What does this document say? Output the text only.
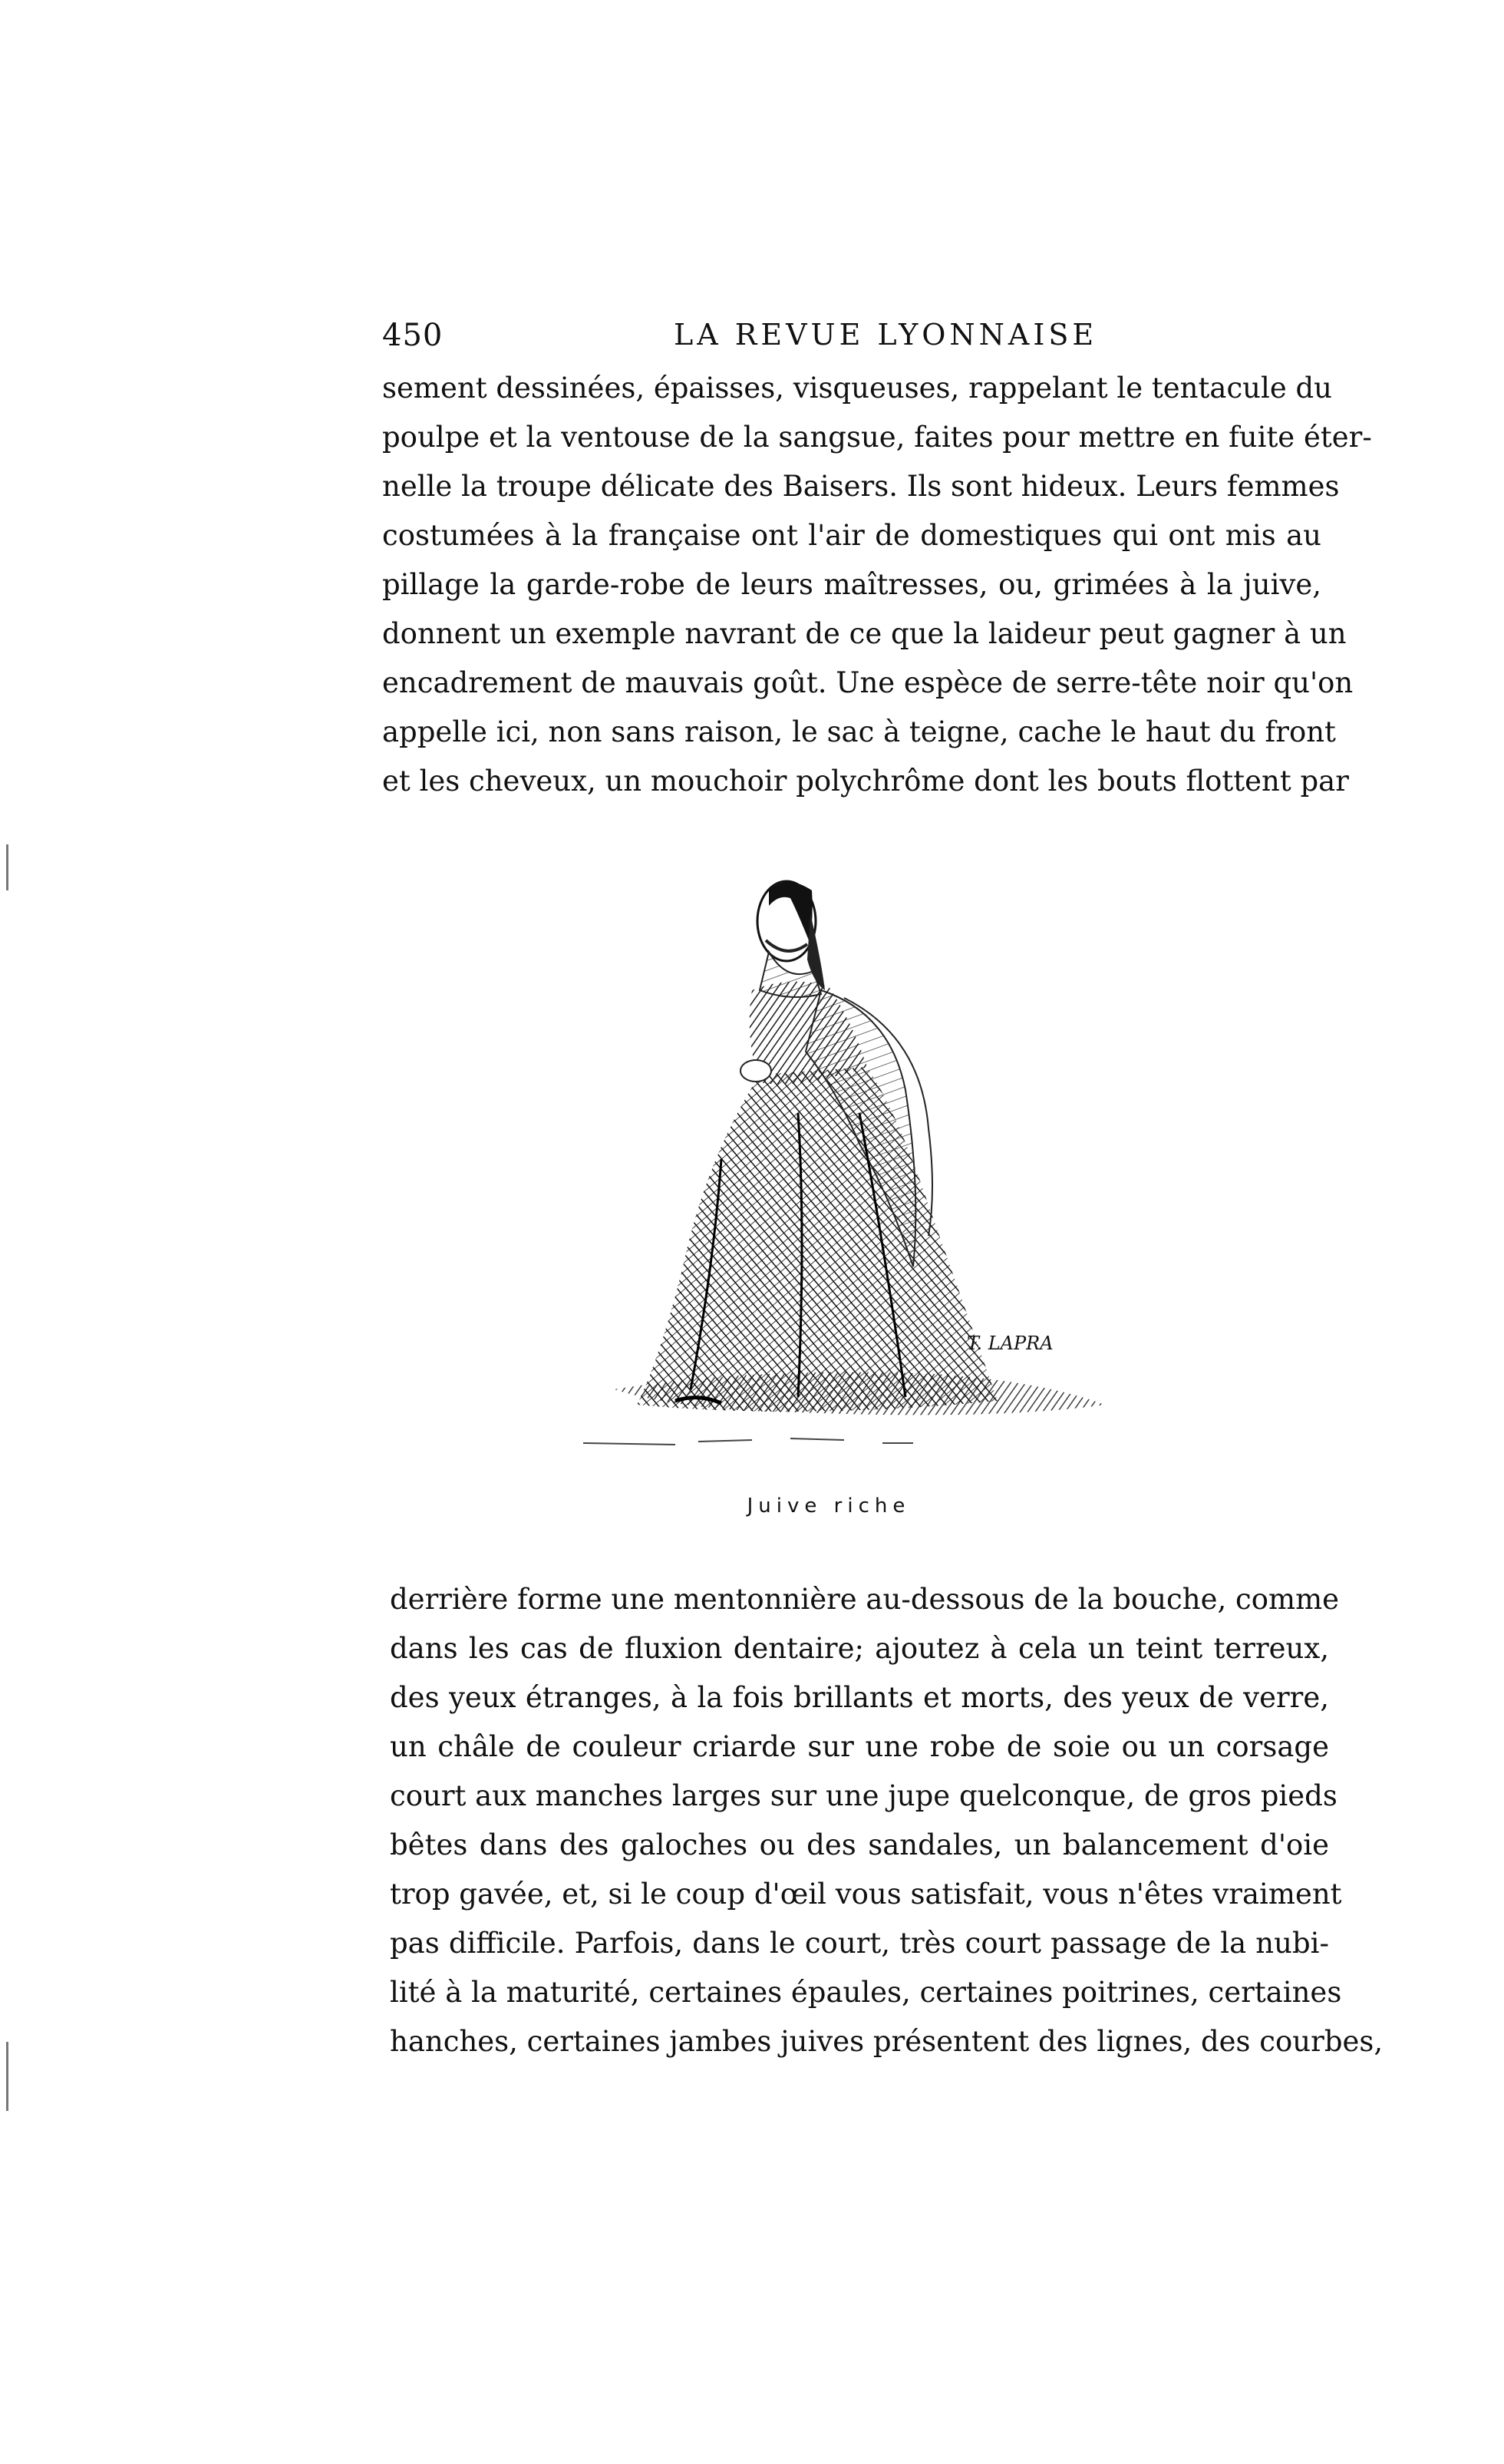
450	LA REVUE LYONNAISE
sement dessinées, épaisses, visqueuses, rappelant le tentacule du
poulpe et la ventouse de la sangsue, faites pour mettre en fuite éter-
nelle la troupe délicate des Baisers. Ils sont hideux. Leurs femmes
costumées à la française ont l'air de domestiques qui ont mis au
pillage la garde-robe de leurs maîtresses, ou, grimées à la juive,
donnent un exemple navrant de ce que la laideur peut gagner à un
encadrement de mauvais goût. Une espèce de serre-tête noir qu'on
appelle ici, non sans raison, le sac à teigne, cache le haut du front
et les cheveux, un mouchoir polychrôme dont les bouts flottent par
T. LAPRA
Juive riche
derrière forme une mentonnière au-dessous de la bouche, comme
dans les cas de fluxion dentaire; ajoutez à cela un teint terreux,
des yeux étranges, à la fois brillants et morts, des yeux de verre,
un châle de couleur criarde sur une robe de soie ou un corsage
court aux manches larges sur une jupe quelconque, de gros pieds
bêtes dans des galoches ou des sandales, un balancement d'oie
trop gavée, et, si le coup d'œil vous satisfait, vous n'êtes vraiment
pas difficile. Parfois, dans le court, très court passage de la nubi-
lité à la maturité, certaines épaules, certaines poitrines, certaines
hanches, certaines jambes juives présentent des lignes, des courbes,
